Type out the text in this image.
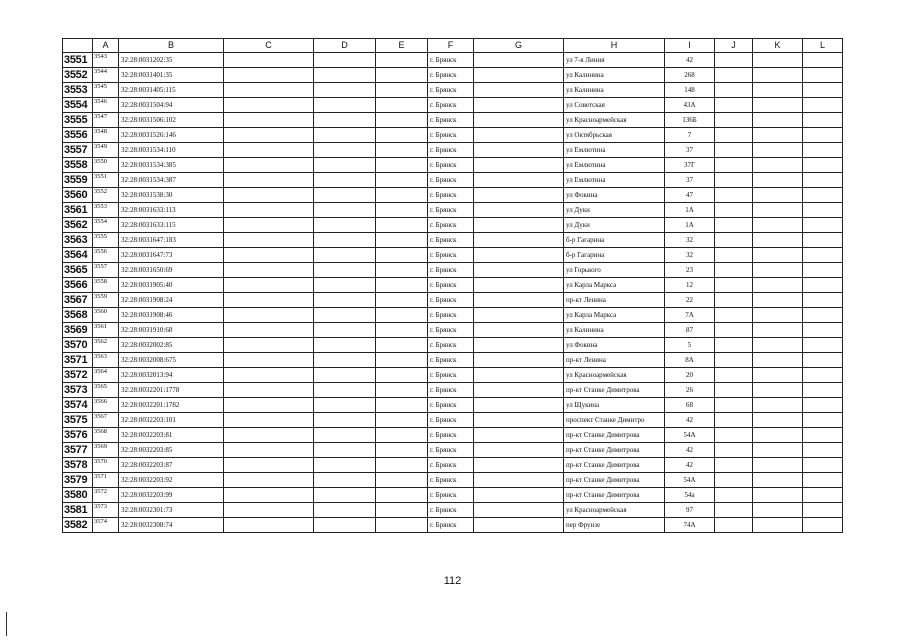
	A	B	C	D	E	F	G	H	I	J	K	L
3551	3543	32:28:0031202:35				г. Брянск		ул 7-я Линия	42			
3552	3544	32:28:0031401:35				г. Брянск		ул Калинина	268			
3553	3545	32:28:0031405:115				г. Брянск		ул Калинина	148			
3554	3546	32:28:0031504:94				г. Брянск		ул Советская	43А			
3555	3547	32:28:0031506:102				г. Брянск		ул Красноармейская	136Б			
3556	3548	32:28:0031526:146				г. Брянск		ул Октябрьская	7			
3557	3549	32:28:0031534:110				г. Брянск		ул Емлютина	37			
3558	3550	32:28:0031534:385				г. Брянск		ул Емлютина	37Г			
3559	3551	32:28:0031534:387				г. Брянск		ул Емлютина	37			
3560	3552	32:28:0031538:30				г. Брянск		ул Фокина	47			
3561	3553	32:28:0031633:113				г. Брянск		ул Дуки	1А			
3562	3554	32:28:0031633:115				г. Брянск		ул Дуки	1А			
3563	3555	32:28:0031647:183				г. Брянск		б-р Гагарина	32			
3564	3556	32:28:0031647:73				г. Брянск		б-р Гагарина	32			
3565	3557	32:28:0031650:69				г. Брянск		ул Горького	23			
3566	3558	32:28:0031905:40				г. Брянск		ул Карла Маркса	12			
3567	3559	32:28:0031908:24				г. Брянск		пр-кт Ленина	22			
3568	3560	32:28:0031908:46				г. Брянск		ул Карла Маркса	7А			
3569	3561	32:28:0031910:68				г. Брянск		ул Калинина	87			
3570	3562	32:28:0032002:85				г. Брянск		ул Фокина	5			
3571	3563	32:28:0032008:675				г. Брянск		пр-кт Ленина	8А			
3572	3564	32:28:0032013:94				г. Брянск		ул Красноармейская	20			
3573	3565	32:28:0032201:1778				г. Брянск		пр-кт Станке Димитрова	26			
3574	3566	32:28:0032201:1782				г. Брянск		ул Щукина	68			
3575	3567	32:28:0032203:101				г. Брянск		проспект Станке Димитро	42			
3576	3568	32:28:0032203:81				г. Брянск		пр-кт Станке Димитрова	54А			
3577	3569	32:28:0032203:85				г. Брянск		пр-кт Станке Димитрова	42			
3578	3570	32:28:0032203:87				г. Брянск		пр-кт Станке Димитрова	42			
3579	3571	32:28:0032203:92				г. Брянск		пр-кт Станке Димитрова	54А			
3580	3572	32:28:0032203:99				г. Брянск		пр-кт Станке Димитрова	54а			
3581	3573	32:28:0032301:73				г. Брянск		ул Красноармейская	97			
3582	3574	32:28:0032308:74				г. Брянск		пер Фрунзе	74А			
112
